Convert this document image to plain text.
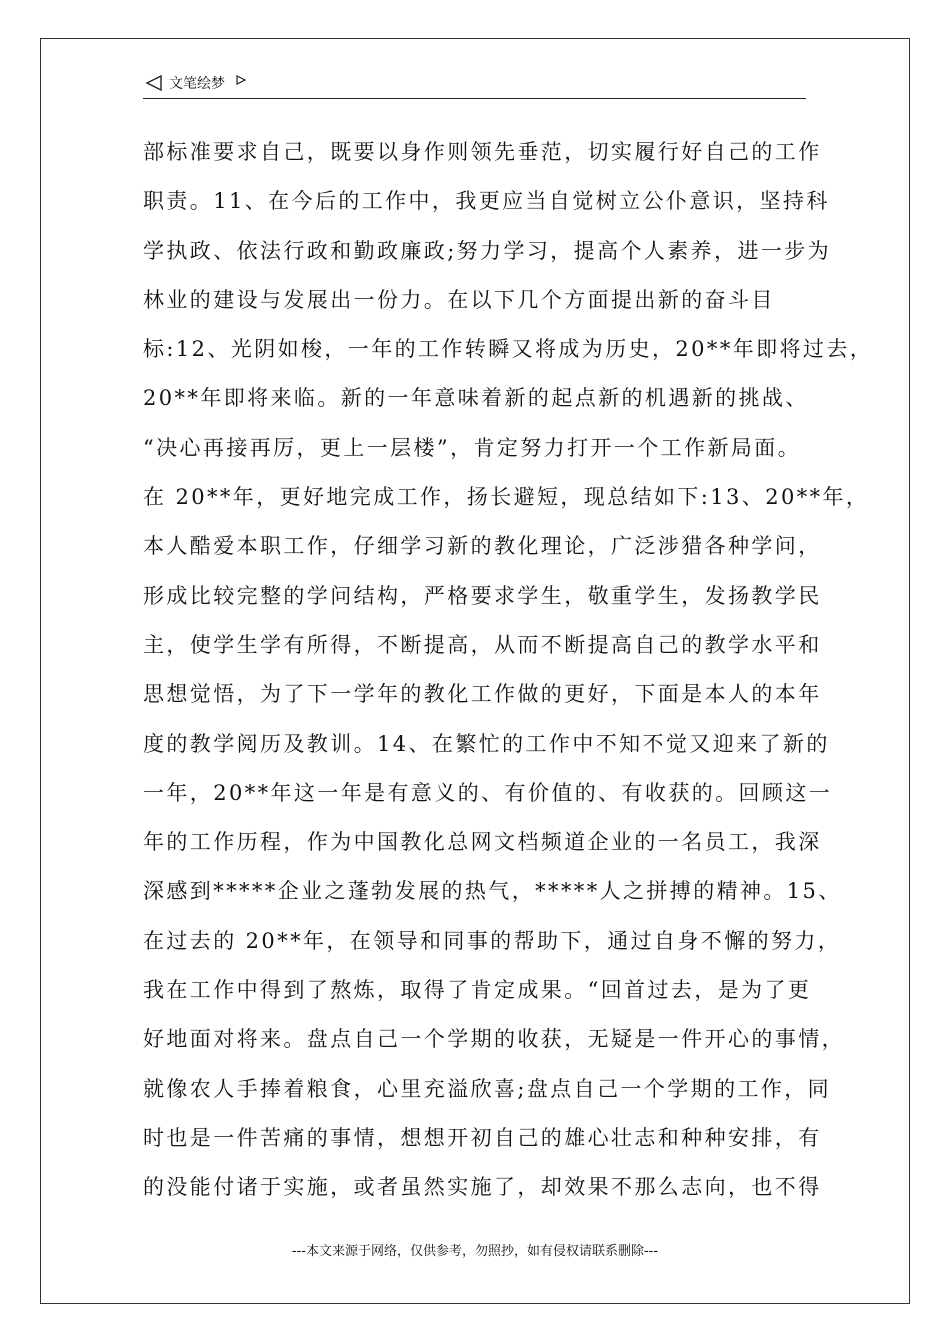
文笔绘梦
部标准要求自己，既要以身作则领先垂范，切实履行好自己的工作
职责。11、在今后的工作中，我更应当自觉树立公仆意识，坚持科
学执政、依法行政和勤政廉政;努力学习，提高个人素养，进一步为
林业的建设与发展出一份力。在以下几个方面提出新的奋斗目
标:12、光阴如梭，一年的工作转瞬又将成为历史，20**年即将过去，
20**年即将来临。新的一年意味着新的起点新的机遇新的挑战、
“决心再接再厉，更上一层楼”，肯定努力打开一个工作新局面。
在 20**年，更好地完成工作，扬长避短，现总结如下:13、20**年，
本人酷爱本职工作，仔细学习新的教化理论，广泛涉猎各种学问，
形成比较完整的学问结构，严格要求学生，敬重学生，发扬教学民
主，使学生学有所得，不断提高，从而不断提高自己的教学水平和
思想觉悟，为了下一学年的教化工作做的更好，下面是本人的本年
度的教学阅历及教训。14、在繁忙的工作中不知不觉又迎来了新的
一年，20**年这一年是有意义的、有价值的、有收获的。回顾这一
年的工作历程，作为中国教化总网文档频道企业的一名员工，我深
深感到*****企业之蓬勃发展的热气，*****人之拼搏的精神。15、
在过去的 20**年，在领导和同事的帮助下，通过自身不懈的努力，
我在工作中得到了熬炼，取得了肯定成果。“回首过去，是为了更
好地面对将来。盘点自己一个学期的收获，无疑是一件开心的事情，
就像农人手捧着粮食，心里充溢欣喜;盘点自己一个学期的工作，同
时也是一件苦痛的事情，想想开初自己的雄心壮志和种种安排，有
的没能付诸于实施，或者虽然实施了，却效果不那么志向，也不得
---本文来源于网络，仅供参考，勿照抄，如有侵权请联系删除---
